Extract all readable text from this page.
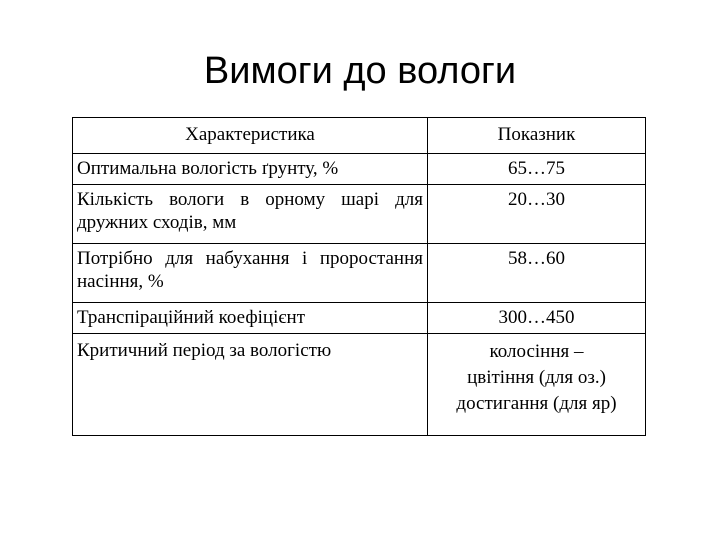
Вимоги до вологи
Характеристика	Показник
Оптимальна вологість ґрунту, %	65…75
Кількість вологи в орному шарі для дружних сходів, мм	20…30
Потрібно для набухання і проростання насіння, %	58…60
Транспіраційний коефіцієнт	300…450
Критичний період за вологістю	колосіння –
цвітіння (для оз.)
достигання (для яр)
